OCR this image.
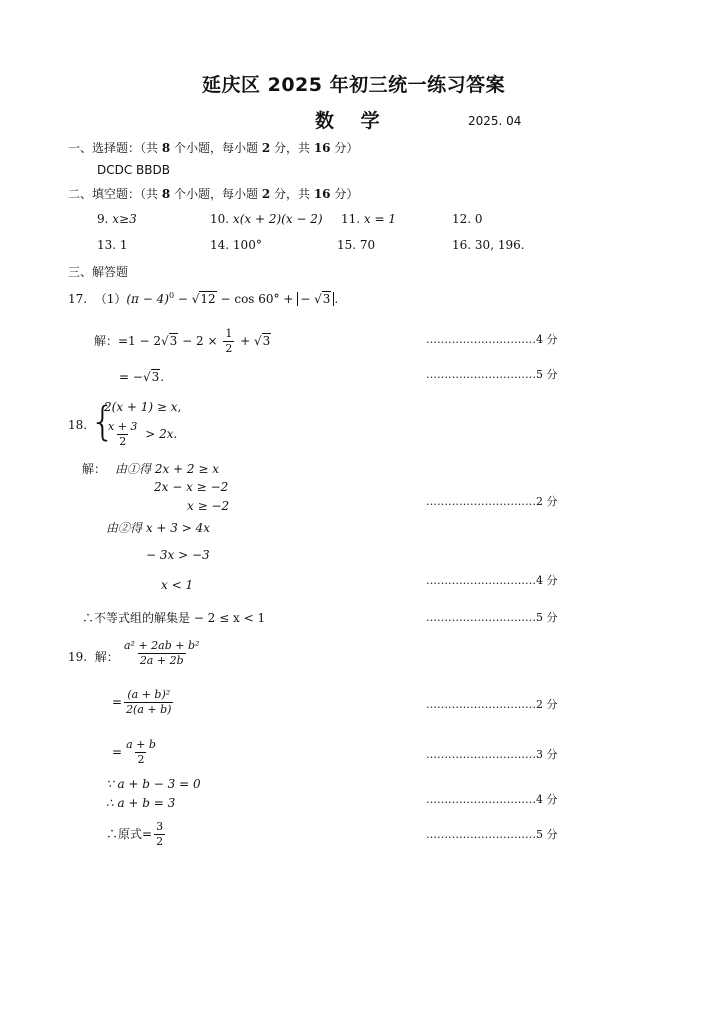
延庆区 2025 年初三统一练习答案
数 学	2025. 04
一、选择题：（共 8 个小题，每小题 2 分，共 16 分）
DCDC BBDB
二、填空题：（共 8 个小题，每小题 2 分，共 16 分）
9. x≥3	10. x(x + 2)(x − 2) 11. x = 1	12. 0
13. 1	14. 100°	15. 70	16. 30, 196.
三、解答题
17. $(1)(\pi - 4)^0 - √12 - \cos 60^\circ$ + − √3 .
解：$=1 - 2√3 - 2 \times \frac{1}{2} + √3$	…………………………4 分
= −√3.	…………………………5 分
18. {
2(x + 1) ≥ x,
$\frac{x + 3}{2} > 2x$.
解： 由①得 2x + 2 ≥ x
2x − x ≥ −2
x ≥ −2	…………………………2 分
由②得 x + 3 > 4x
− 3x > −3
x < 1	…………………………4 分
∴不等式组的解集是 − 2 ≤ x < 1	…………………………5 分
19. 解： $\frac{\text{a² + 2ab + b²}}{2a + 2b}$
= $\frac{\text{(a + b)²}}{2(a + b)}$	…………………………2 分
= $\frac{a + b}{2}$	…………………………3 分
∵ a + b − 3 = 0
∴ a + b = 3	…………………………4 分
∴原式= $\frac{3}{2}$	…………………………5 分
